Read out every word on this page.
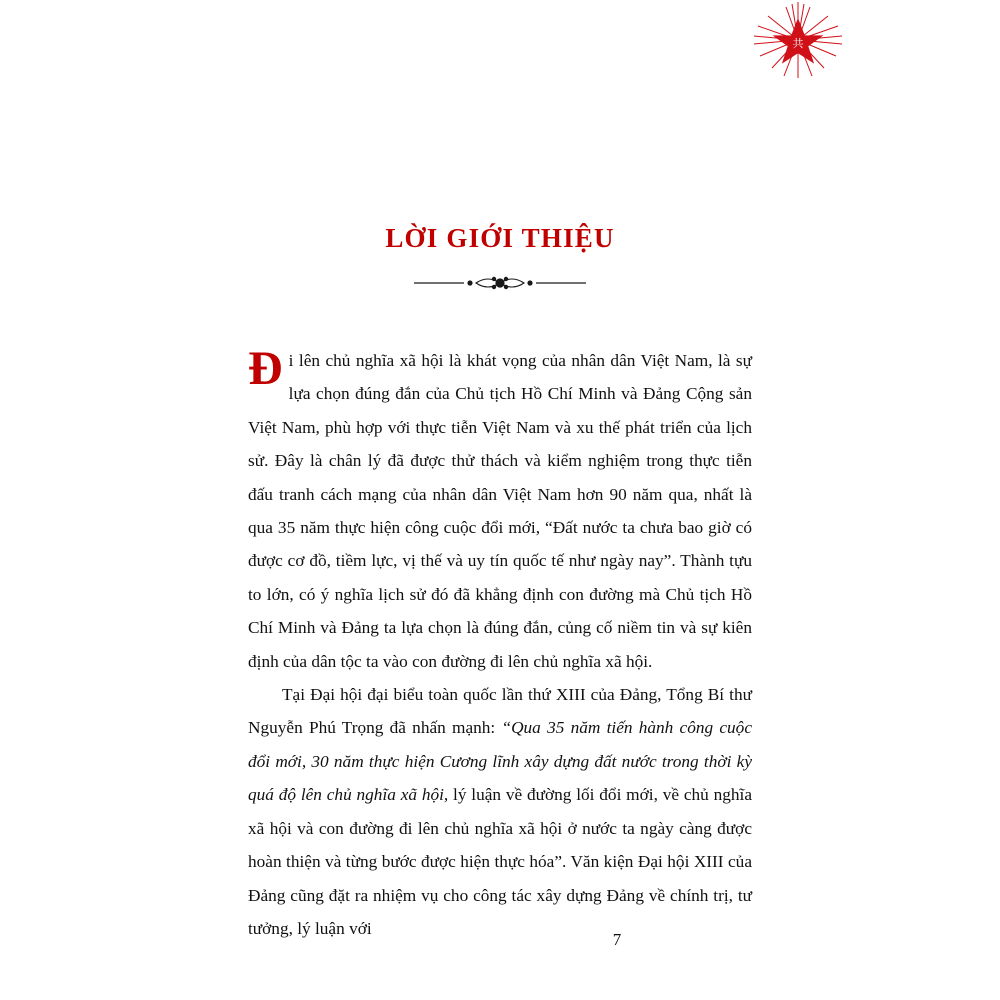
共
LỜI GIỚI THIỆU

Đi lên chủ nghĩa xã hội là khát vọng của nhân dân Việt Nam, là sự lựa chọn đúng đắn của Chủ tịch Hồ Chí Minh và Đảng Cộng sản Việt Nam, phù hợp với thực tiễn Việt Nam và xu thế phát triển của lịch sử. Đây là chân lý đã được thử thách và kiểm nghiệm trong thực tiễn đấu tranh cách mạng của nhân dân Việt Nam hơn 90 năm qua, nhất là qua 35 năm thực hiện công cuộc đổi mới, “Đất nước ta chưa bao giờ có được cơ đồ, tiềm lực, vị thế và uy tín quốc tế như ngày nay”. Thành tựu to lớn, có ý nghĩa lịch sử đó đã khẳng định con đường mà Chủ tịch Hồ Chí Minh và Đảng ta lựa chọn là đúng đắn, củng cố niềm tin và sự kiên định của dân tộc ta vào con đường đi lên chủ nghĩa xã hội.

Tại Đại hội đại biểu toàn quốc lần thứ XIII của Đảng, Tổng Bí thư Nguyễn Phú Trọng đã nhấn mạnh: “Qua 35 năm tiến hành công cuộc đổi mới, 30 năm thực hiện Cương lĩnh xây dựng đất nước trong thời kỳ quá độ lên chủ nghĩa xã hội, lý luận về đường lối đổi mới, về chủ nghĩa xã hội và con đường đi lên chủ nghĩa xã hội ở nước ta ngày càng được hoàn thiện và từng bước được hiện thực hóa”. Văn kiện Đại hội XIII của Đảng cũng đặt ra nhiệm vụ cho công tác xây dựng Đảng về chính trị, tư tưởng, lý luận với

7
